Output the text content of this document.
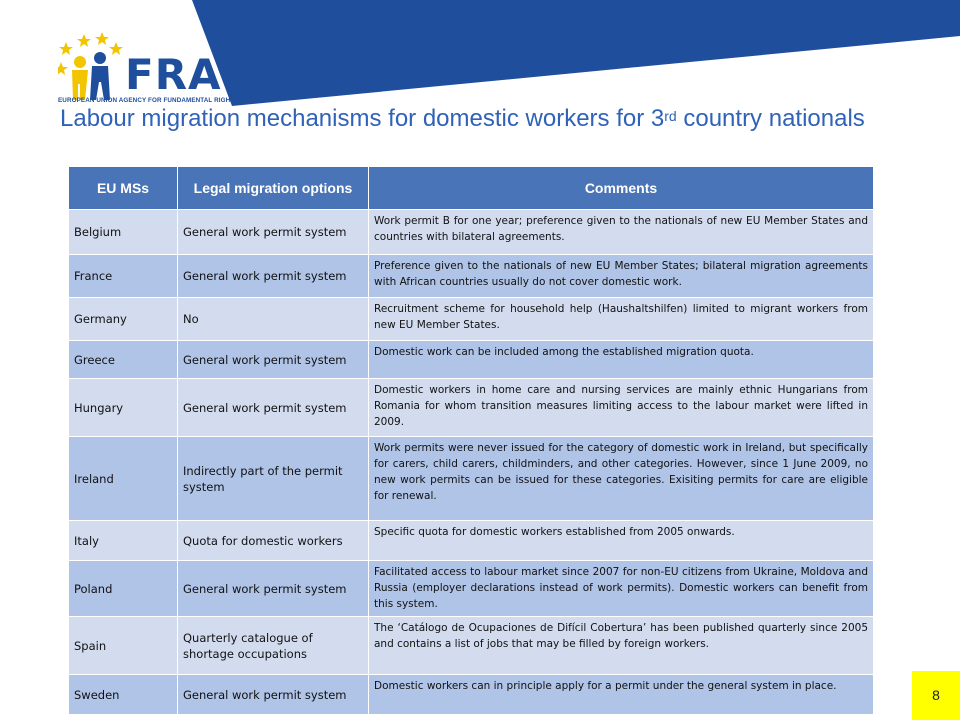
FRA
EUROPEAN UNION AGENCY FOR FUNDAMENTAL RIGHTS
Labour migration mechanisms for domestic workers for 3rd country nationals
EU MSs	Legal migration options	Comments
Belgium	General work permit system	Work permit B for one year; preference given to the nationals of new EU Member States and countries with bilateral agreements.
France	General work permit system	Preference given to the nationals of new EU Member States; bilateral migration agreements with African countries usually do not cover domestic work.
Germany	No	Recruitment scheme for household help (Haushaltshilfen) limited to migrant workers from new EU Member States.
Greece	General work permit system	Domestic work can be included among the established migration quota.
Hungary	General work permit system	Domestic workers in home care and nursing services are mainly ethnic Hungarians from Romania for whom transition measures limiting access to the labour market were lifted in 2009.
Ireland	Indirectly part of the permit system	Work permits were never issued for the category of domestic work in Ireland, but specifically for carers, child carers, childminders, and other categories. However, since 1 June 2009, no new work permits can be issued for these categories. Exisiting permits for care are eligible for renewal.
Italy	Quota for domestic workers	Specific quota for domestic workers established from 2005 onwards.
Poland	General work permit system	Facilitated access to labour market since 2007 for non-EU citizens from Ukraine, Moldova and Russia (employer declarations instead of work permits). Domestic workers can benefit from this system.
Spain	Quarterly catalogue of shortage occupations	The ‘Catálogo de Ocupaciones de Difícil Cobertura’ has been published quarterly since 2005 and contains a list of jobs that may be filled by foreign workers.
Sweden	General work permit system	Domestic workers can in principle apply for a permit under the general system in place.
8
